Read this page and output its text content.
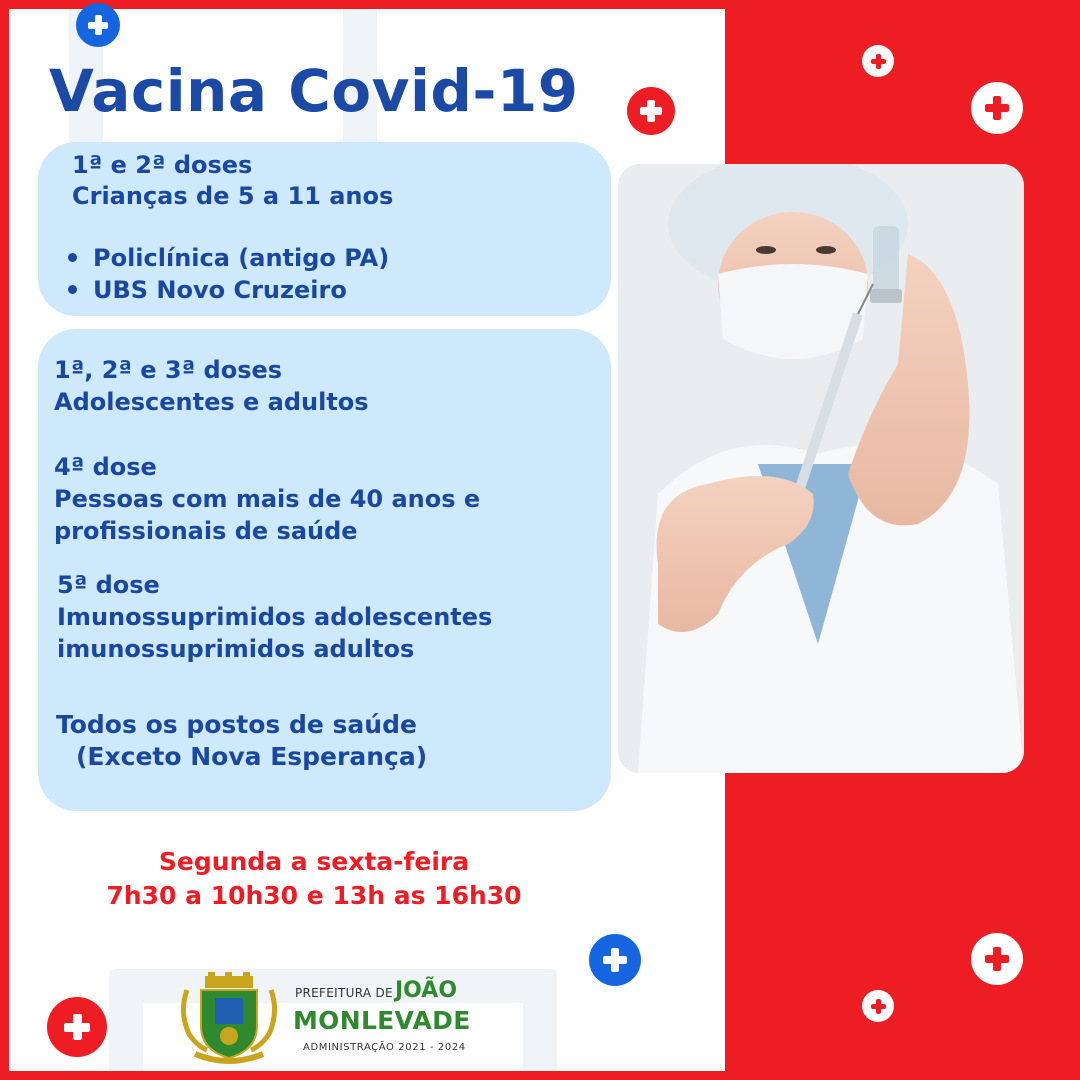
Vacina Covid-19
1ª e 2ª doses
Crianças de 5 a 11 anos
Policlínica (antigo PA)
UBS Novo Cruzeiro
1ª, 2ª e 3ª doses
Adolescentes e adultos
4ª dose
Pessoas com mais de 40 anos e
profissionais de saúde
5ª dose
Imunossuprimidos adolescentes
imunossuprimidos adultos
Todos os postos de saúde
(Exceto Nova Esperança)
Segunda a sexta-feira
7h30 a 10h30 e 13h as 16h30
PREFEITURA DE JOÃO
MONLEVADE
ADMINISTRAÇÃO 2021 - 2024
